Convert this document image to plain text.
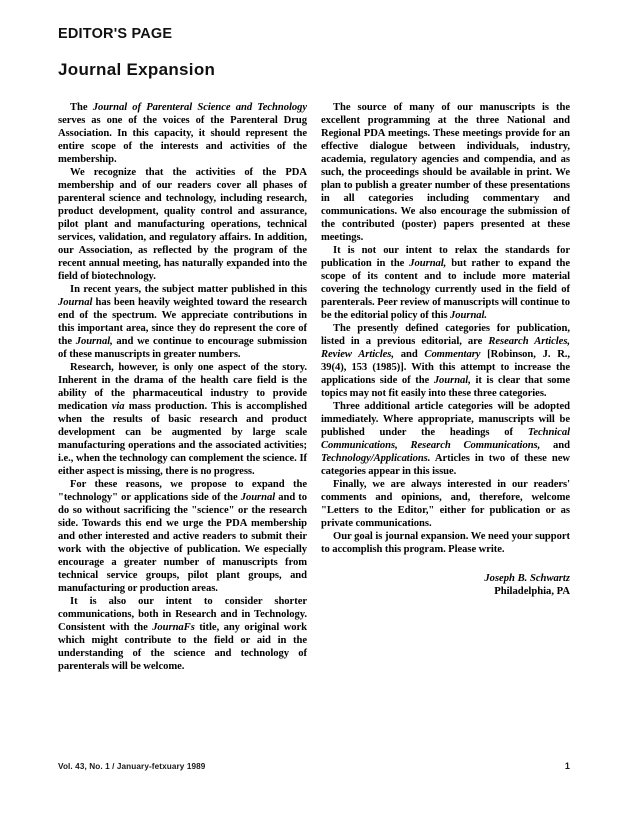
EDITOR'S PAGE
Journal Expansion

The Journal of Parenteral Science and Technology serves as one of the voices of the Parenteral Drug Association. In this capacity, it should represent the entire scope of the interests and activities of the membership.

We recognize that the activities of the PDA membership and of our readers cover all phases of parenteral science and technology, including research, product development, quality control and assurance, pilot plant and manufacturing operations, technical services, validation, and regulatory affairs. In addition, our Association, as reflected by the program of the recent annual meeting, has naturally expanded into the field of biotechnology.

In recent years, the subject matter published in this Journal has been heavily weighted toward the research end of the spectrum. We appreciate contributions in this important area, since they do represent the core of the Journal, and we continue to encourage submission of these manuscripts in greater numbers.

Research, however, is only one aspect of the story. Inherent in the drama of the health care field is the ability of the pharmaceutical industry to provide medication via mass production. This is accomplished when the results of basic research and product development can be augmented by large scale manufacturing operations and the associated activities; i.e., when the technology can complement the science. If either aspect is missing, there is no progress.

For these reasons, we propose to expand the "technology" or applications side of the Journal and to do so without sacrificing the "science" or the research side. Towards this end we urge the PDA membership and other interested and active readers to submit their work with the objective of publication. We especially encourage a greater number of manuscripts from technical service groups, pilot plant groups, and manufacturing or production areas.

It is also our intent to consider shorter communications, both in Research and in Technology. Consistent with the JournaFs title, any original work which might contribute to the field or aid in the understanding of the science and technology of parenterals will be welcome.

The source of many of our manuscripts is the excellent programming at the three National and Regional PDA meetings. These meetings provide for an effective dialogue between individuals, industry, academia, regulatory agencies and compendia, and as such, the proceedings should be available in print. We plan to publish a greater number of these presentations in all categories including commentary and communications. We also encourage the submission of the contributed (poster) papers presented at these meetings.

It is not our intent to relax the standards for publication in the Journal, but rather to expand the scope of its content and to include more material covering the technology currently used in the field of parenterals. Peer review of manuscripts will continue to be the editorial policy of this Journal.

The presently defined categories for publication, listed in a previous editorial, are Research Articles, Review Articles, and Commentary [Robinson, J. R., 39(4), 153 (1985)]. With this attempt to increase the applications side of the Journal, it is clear that some topics may not fit easily into these three categories.

Three additional article categories will be adopted immediately. Where appropriate, manuscripts will be published under the headings of Technical Communications, Research Communications, and Technology/Applications. Articles in two of these new categories appear in this issue.

Finally, we are always interested in our readers' comments and opinions, and, therefore, welcome "Letters to the Editor," either for publication or as private communications.

Our goal is journal expansion. We need your support to accomplish this program. Please write.

Joseph B. Schwartz
Philadelphia, PA
Vol. 43, No. 1 / January-fetxuary 1989	1
